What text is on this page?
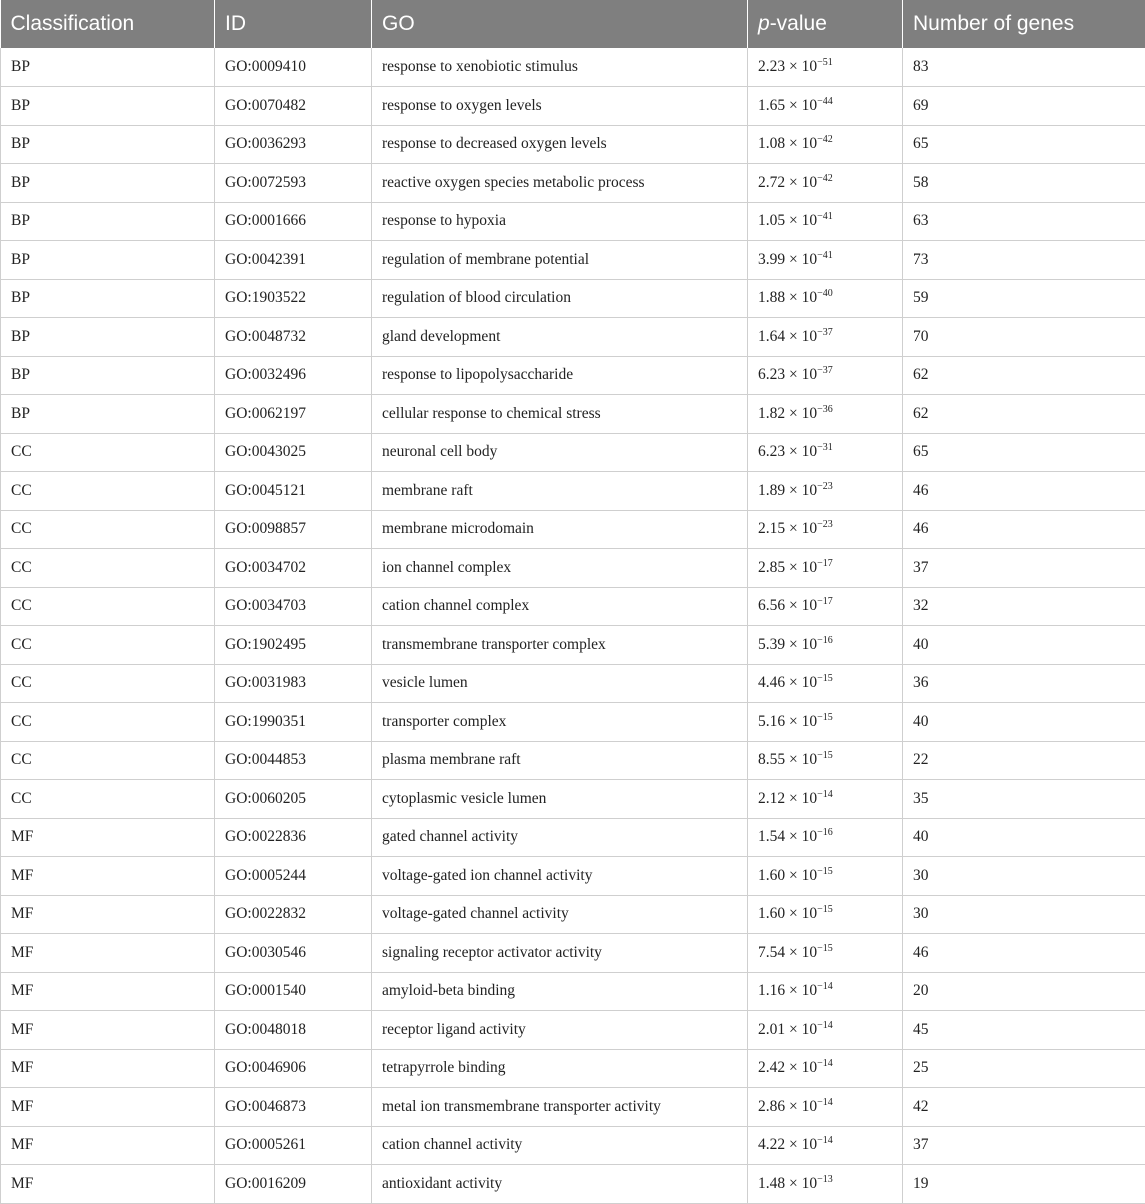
Classification	ID	GO	p-value	Number of genes
BP	GO:0009410	response to xenobiotic stimulus	$2.23 \times 10^{-51}$	83
BP	GO:0070482	response to oxygen levels	$1.65 \times 10^{-44}$	69
BP	GO:0036293	response to decreased oxygen levels	$1.08 \times 10^{-42}$	65
BP	GO:0072593	reactive oxygen species metabolic process	$2.72 \times 10^{-42}$	58
BP	GO:0001666	response to hypoxia	$1.05 \times 10^{-41}$	63
BP	GO:0042391	regulation of membrane potential	$3.99 \times 10^{-41}$	73
BP	GO:1903522	regulation of blood circulation	$1.88 \times 10^{-40}$	59
BP	GO:0048732	gland development	$1.64 \times 10^{-37}$	70
BP	GO:0032496	response to lipopolysaccharide	$6.23 \times 10^{-37}$	62
BP	GO:0062197	cellular response to chemical stress	$1.82 \times 10^{-36}$	62
CC	GO:0043025	neuronal cell body	$6.23 \times 10^{-31}$	65
CC	GO:0045121	membrane raft	$1.89 \times 10^{-23}$	46
CC	GO:0098857	membrane microdomain	$2.15 \times 10^{-23}$	46
CC	GO:0034702	ion channel complex	$2.85 \times 10^{-17}$	37
CC	GO:0034703	cation channel complex	$6.56 \times 10^{-17}$	32
CC	GO:1902495	transmembrane transporter complex	$5.39 \times 10^{-16}$	40
CC	GO:0031983	vesicle lumen	$4.46 \times 10^{-15}$	36
CC	GO:1990351	transporter complex	$5.16 \times 10^{-15}$	40
CC	GO:0044853	plasma membrane raft	$8.55 \times 10^{-15}$	22
CC	GO:0060205	cytoplasmic vesicle lumen	$2.12 \times 10^{-14}$	35
MF	GO:0022836	gated channel activity	$1.54 \times 10^{-16}$	40
MF	GO:0005244	voltage-gated ion channel activity	$1.60 \times 10^{-15}$	30
MF	GO:0022832	voltage-gated channel activity	$1.60 \times 10^{-15}$	30
MF	GO:0030546	signaling receptor activator activity	$7.54 \times 10^{-15}$	46
MF	GO:0001540	amyloid-beta binding	$1.16 \times 10^{-14}$	20
MF	GO:0048018	receptor ligand activity	$2.01 \times 10^{-14}$	45
MF	GO:0046906	tetrapyrrole binding	$2.42 \times 10^{-14}$	25
MF	GO:0046873	metal ion transmembrane transporter activity	$2.86 \times 10^{-14}$	42
MF	GO:0005261	cation channel activity	$4.22 \times 10^{-14}$	37
MF	GO:0016209	antioxidant activity	$1.48 \times 10^{-13}$	19
